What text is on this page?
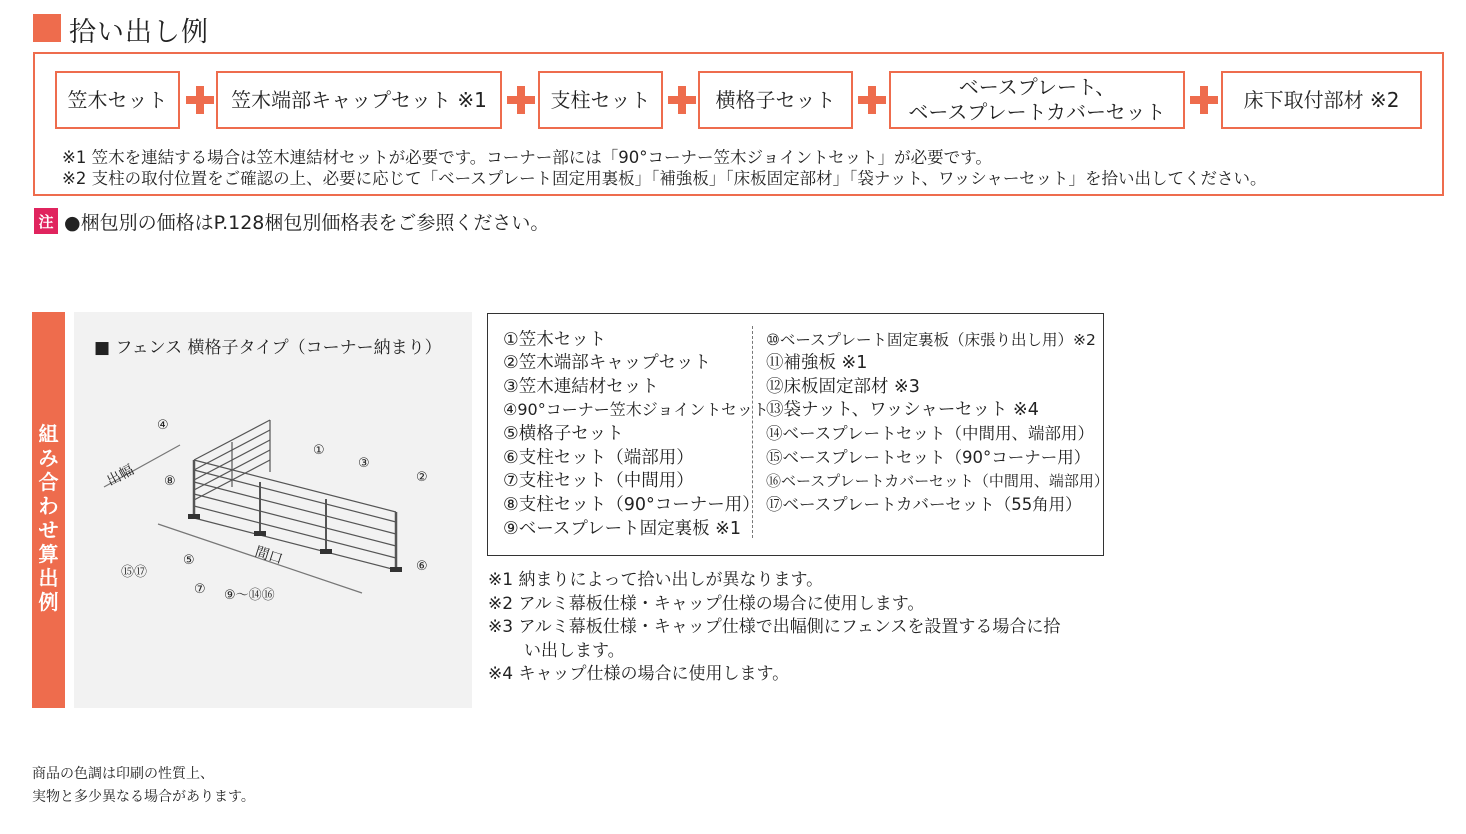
拾い出し例
笠木セット	笠木端部キャップセット ※1	支柱セット	横格子セット
ベースプレート、
ベースプレートカバーセット
床下取付部材 ※2
※1 笠木を連結する場合は笠木連結材セットが必要です。コーナー部には「90°コーナー笠木ジョイントセット」が必要です。
※2 支柱の取付位置をご確認の上、必要に応じて「ベースプレート固定用裏板」「補強板」「床板固定部材」「袋ナット、ワッシャーセット」を拾い出してください。
注 ●梱包別の価格はP.128梱包別価格表をご参照ください。
組
み
合
わ
せ
算
出
例
■ フェンス 横格子タイプ（コーナー納まり）
出幅
間口
①
②
③
④
⑤	⑥
⑦
⑧
⑮⑰
⑨～⑭⑯
①笠木セット
②笠木端部キャップセット
③笠木連結材セット
④90°コーナー笠木ジョイントセット
⑤横格子セット
⑥支柱セット（端部用）
⑦支柱セット（中間用）
⑧支柱セット（90°コーナー用）
⑨ベースプレート固定裏板 ※1
⑩ベースプレート固定裏板（床張り出し用）※2
⑪補強板 ※1
⑫床板固定部材 ※3
⑬袋ナット、ワッシャーセット ※4
⑭ベースプレートセット（中間用、端部用）
⑮ベースプレートセット（90°コーナー用）
⑯ベースプレートカバーセット（中間用、端部用）
⑰ベースプレートカバーセット（55角用）
※1 納まりによって拾い出しが異なります。
※2 アルミ幕板仕様・キャップ仕様の場合に使用します。
※3 アルミ幕板仕様・キャップ仕様で出幅側にフェンスを設置する場合に拾
い出します。
※4 キャップ仕様の場合に使用します。
商品の色調は印刷の性質上、
実物と多少異なる場合があります。
